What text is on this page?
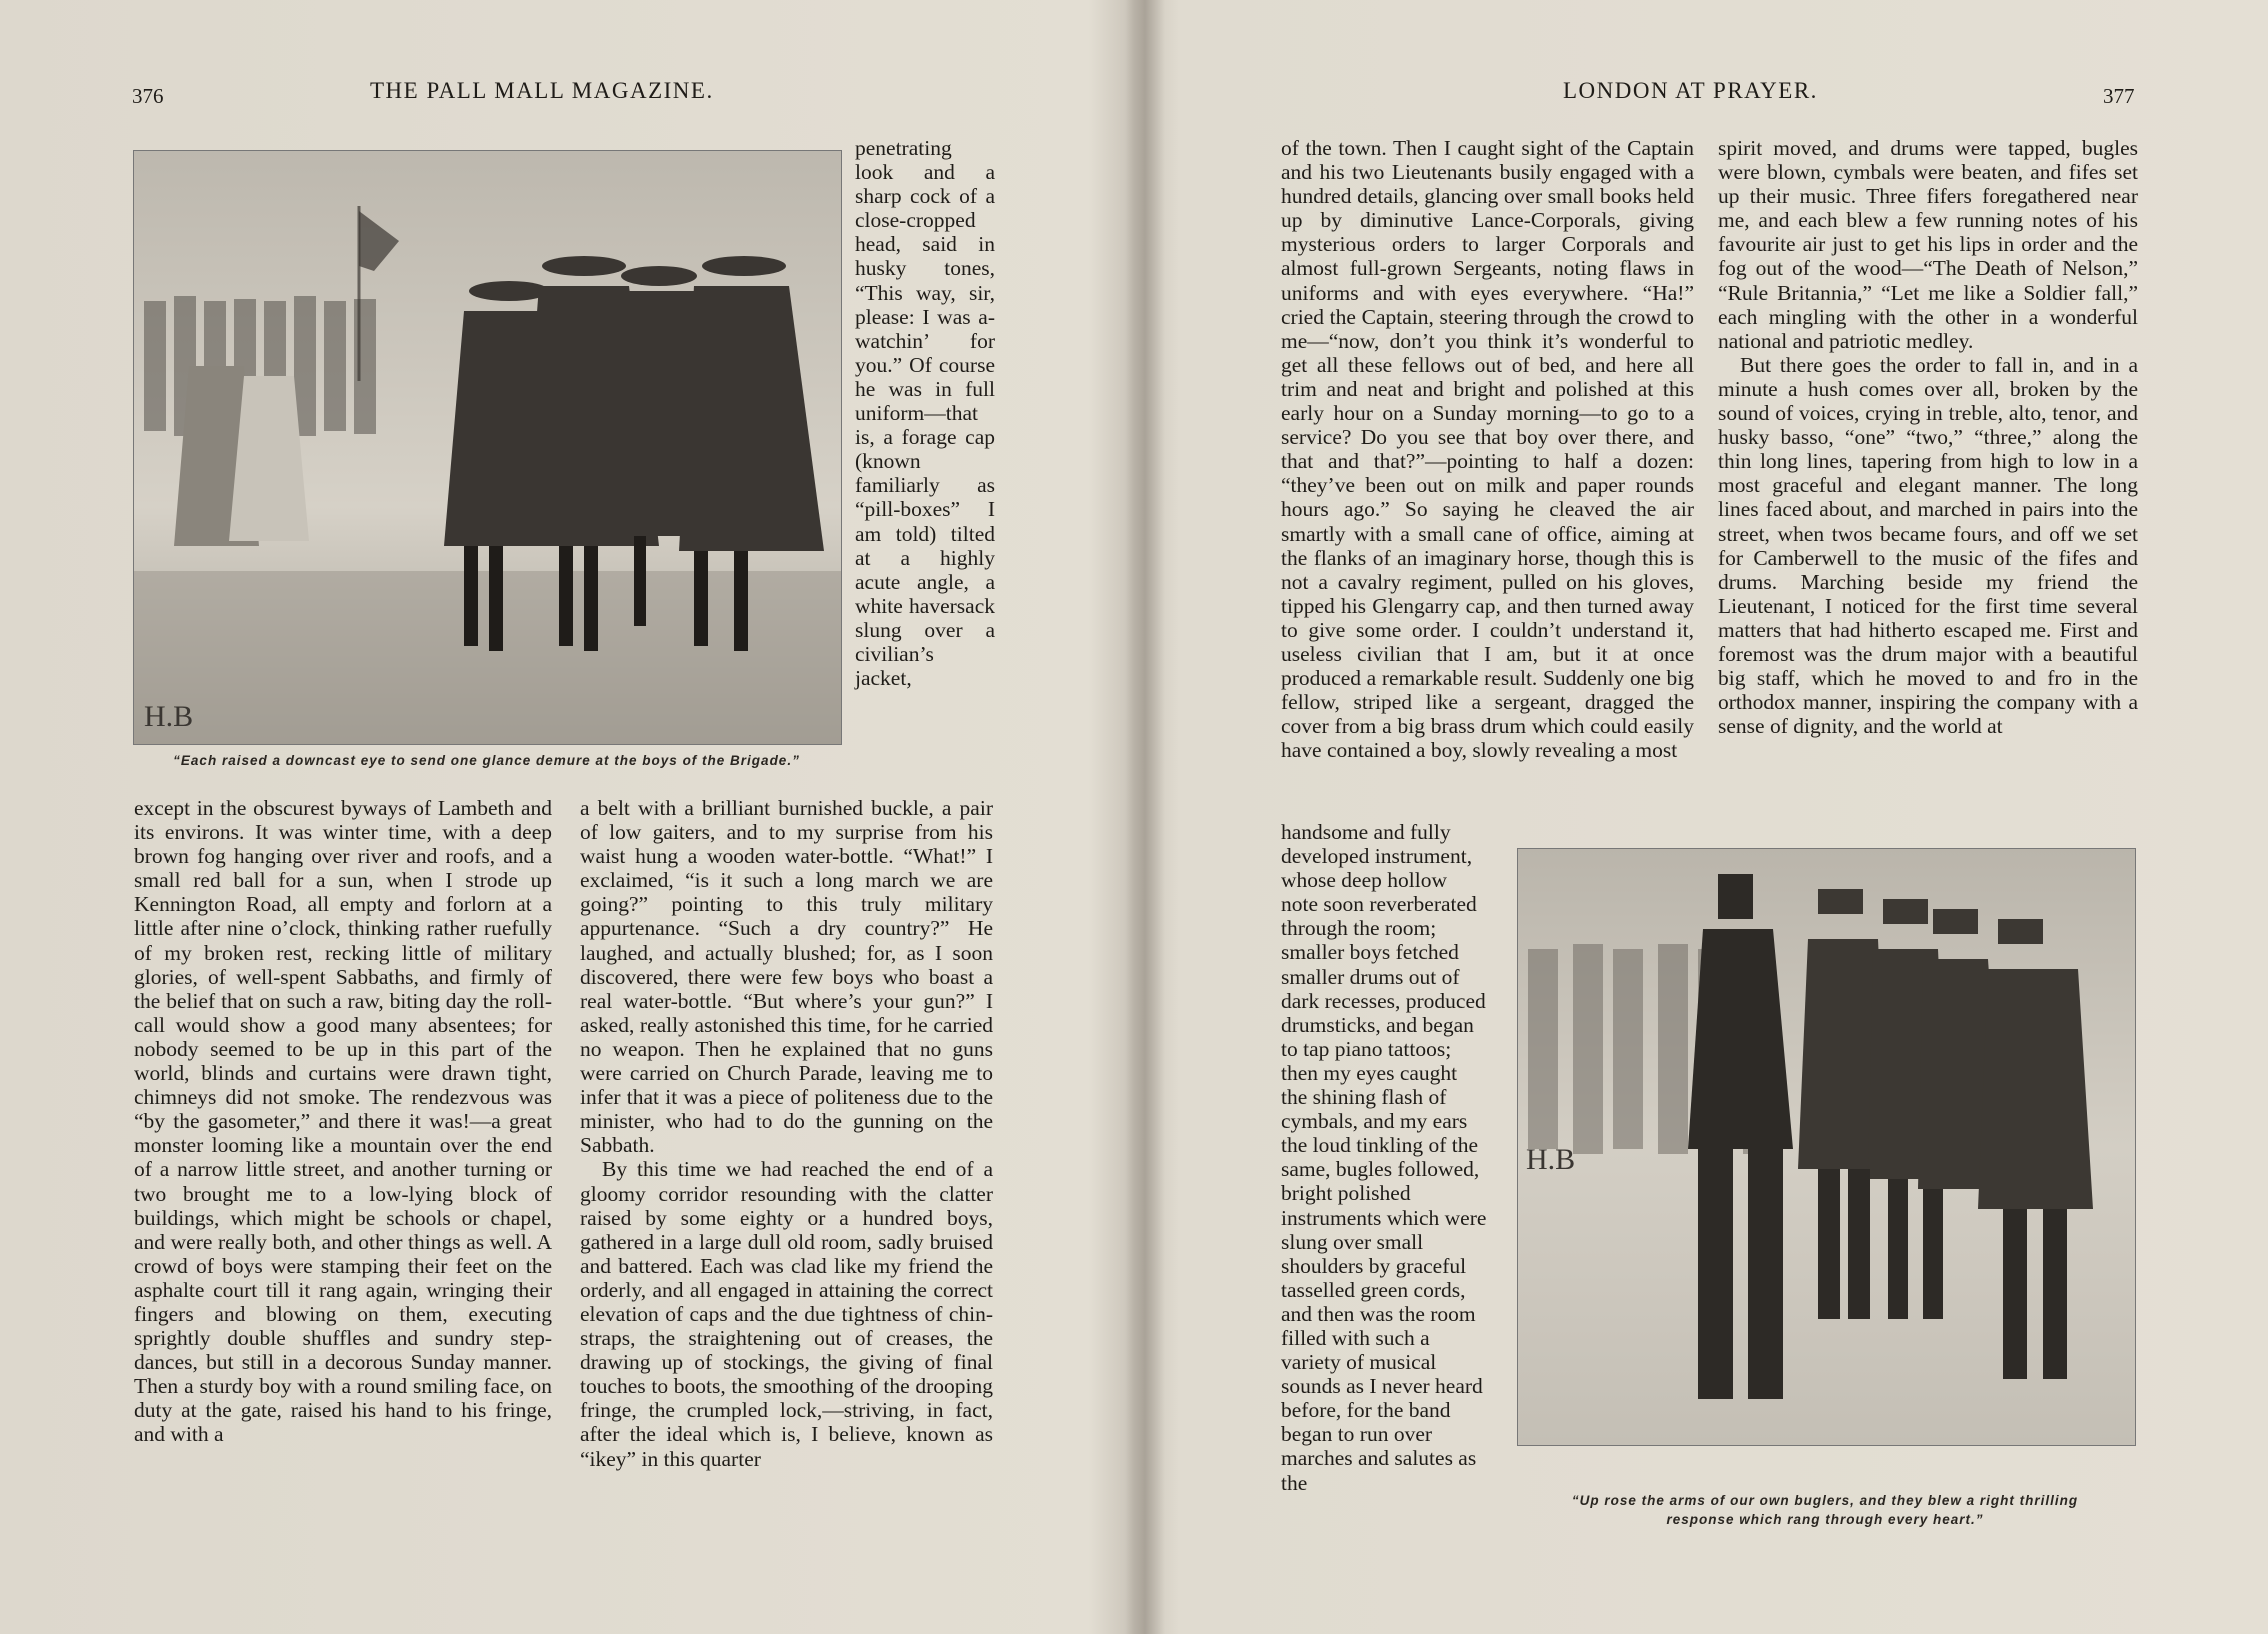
376	THE PALL MALL MAGAZINE.
H.B
“Each raised a downcast eye to send one glance demure at the boys of the Brigade.”

penetrating look and a sharp cock of a close-cropped head, said in husky tones, “This way, sir, please: I was a-watchin’ for you.” Of course he was in full uniform—that is, a forage cap (known familiarly as “pill-boxes” I am told) tilted at a highly acute angle, a white haversack slung over a civilian’s jacket,

except in the obscurest byways of Lambeth and its environs. It was winter time, with a deep brown fog hanging over river and roofs, and a small red ball for a sun, when I strode up Kennington Road, all empty and forlorn at a little after nine o’clock, thinking rather ruefully of my broken rest, recking little of military glories, of well-spent Sabbaths, and firmly of the belief that on such a raw, biting day the roll-call would show a good many absentees; for nobody seemed to be up in this part of the world, blinds and curtains were drawn tight, chimneys did not smoke. The rendezvous was “by the gasometer,” and there it was!—a great monster looming like a mountain over the end of a narrow little street, and another turning or two brought me to a low-lying block of buildings, which might be schools or chapel, and were really both, and other things as well. A crowd of boys were stamping their feet on the asphalte court till it rang again, wringing their fingers and blowing on them, executing sprightly double shuffles and sundry step-dances, but still in a decorous Sunday manner. Then a sturdy boy with a round smiling face, on duty at the gate, raised his hand to his fringe, and with a

a belt with a brilliant burnished buckle, a pair of low gaiters, and to my surprise from his waist hung a wooden water-bottle. “What!” I exclaimed, “is it such a long march we are going?” pointing to this truly military appurtenance. “Such a dry country?” He laughed, and actually blushed; for, as I soon discovered, there were few boys who boast a real water-bottle. “But where’s your gun?” I asked, really astonished this time, for he carried no weapon. Then he explained that no guns were carried on Church Parade, leaving me to infer that it was a piece of politeness due to the minister, who had to do the gunning on the Sabbath.

By this time we had reached the end of a gloomy corridor resounding with the clatter raised by some eighty or a hundred boys, gathered in a large dull old room, sadly bruised and battered. Each was clad like my friend the orderly, and all engaged in attaining the correct elevation of caps and the due tightness of chin-straps, the straightening out of creases, the drawing up of stockings, the giving of final touches to boots, the smoothing of the drooping fringe, the crumpled lock,—striving, in fact, after the ideal which is, I believe, known as “ikey” in this quarter

LONDON AT PRAYER.	377

of the town. Then I caught sight of the Captain and his two Lieutenants busily engaged with a hundred details, glancing over small books held up by diminutive Lance-Corporals, giving mysterious orders to larger Corporals and almost full-grown Sergeants, noting flaws in uniforms and with eyes everywhere. “Ha!” cried the Captain, steering through the crowd to me—“now, don’t you think it’s wonderful to get all these fellows out of bed, and here all trim and neat and bright and polished at this early hour on a Sunday morning—to go to a service? Do you see that boy over there, and that and that?”—pointing to half a dozen: “they’ve been out on milk and paper rounds hours ago.” So saying he cleaved the air smartly with a small cane of office, aiming at the flanks of an imaginary horse, though this is not a cavalry regiment, pulled on his gloves, tipped his Glengarry cap, and then turned away to give some order. I couldn’t understand it, useless civilian that I am, but it at once produced a remarkable result. Suddenly one big fellow, striped like a sergeant, dragged the cover from a big brass drum which could easily have contained a boy, slowly revealing a most

handsome and fully developed instrument, whose deep hollow note soon reverberated through the room; smaller boys fetched smaller drums out of dark recesses, produced drumsticks, and began to tap piano tattoos; then my eyes caught the shining flash of cymbals, and my ears the loud tinkling of the same, bugles followed, bright polished instruments which were slung over small shoulders by graceful tasselled green cords, and then was the room filled with such a variety of musical sounds as I never heard before, for the band began to run over marches and salutes as the

spirit moved, and drums were tapped, bugles were blown, cymbals were beaten, and fifes set up their music. Three fifers foregathered near me, and each blew a few running notes of his favourite air just to get his lips in order and the fog out of the wood—“The Death of Nelson,” “Rule Britannia,” “Let me like a Soldier fall,” each mingling with the other in a wonderful national and patriotic medley.

But there goes the order to fall in, and in a minute a hush comes over all, broken by the sound of voices, crying in treble, alto, tenor, and husky basso, “one” “two,” “three,” along the thin long lines, tapering from high to low in a most graceful and elegant manner. The long lines faced about, and marched in pairs into the street, when twos became fours, and off we set for Camberwell to the music of the fifes and drums. Marching beside my friend the Lieutenant, I noticed for the first time several matters that had hitherto escaped me. First and foremost was the drum major with a beautiful big staff, which he moved to and fro in the orthodox manner, inspiring the company with a sense of dignity, and the world at

H.B
“Up rose the arms of our own buglers, and they blew a right thrilling
response which rang through every heart.”
